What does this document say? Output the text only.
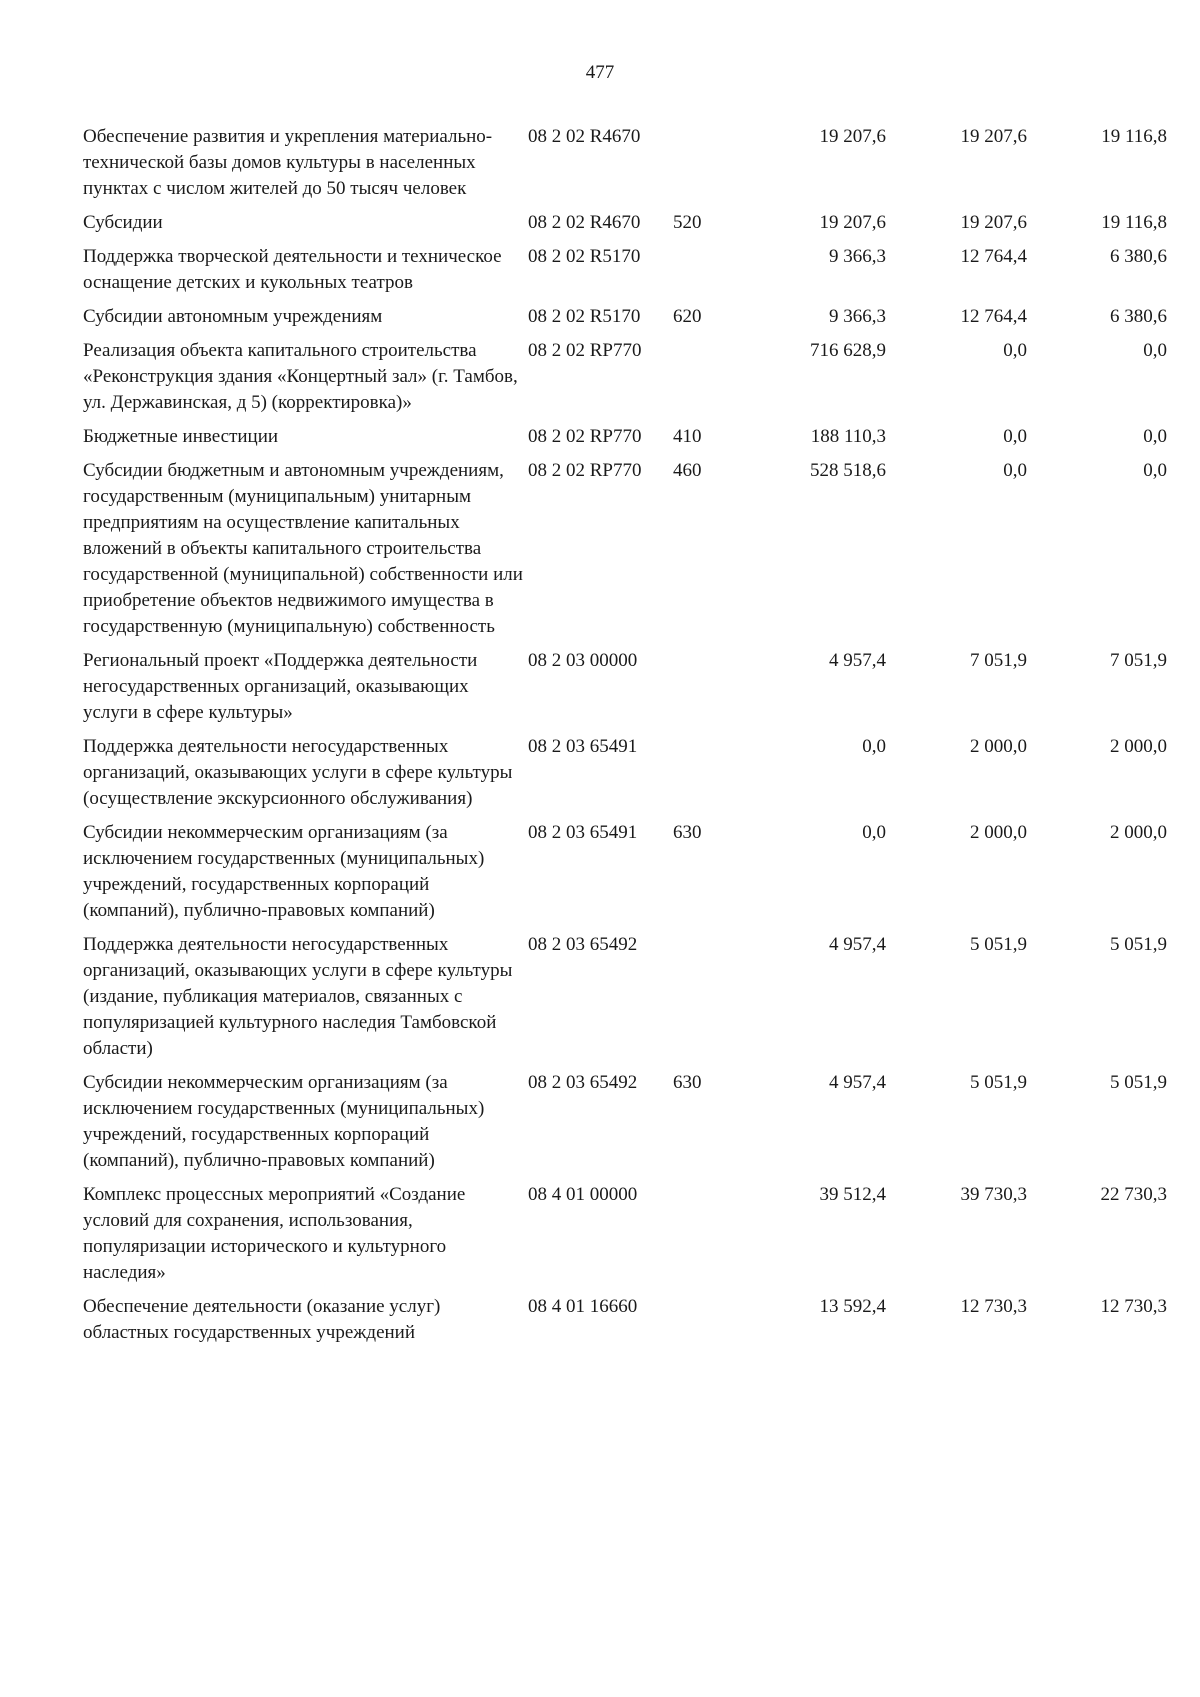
477
Обеспечение развития и укрепления материально-технической базы домов культуры в населенных пунктах с числом жителей до 50 тысяч человек	08 2 02 R4670		19 207,6	19 207,6	19 116,8
Субсидии	08 2 02 R4670	520	19 207,6	19 207,6	19 116,8
Поддержка творческой деятельности и техническое оснащение детских и кукольных театров	08 2 02 R5170		9 366,3	12 764,4	6 380,6
Субсидии автономным учреждениям	08 2 02 R5170	620	9 366,3	12 764,4	6 380,6
Реализация объекта капитального строительства «Реконструкция здания «Концертный зал» (г. Тамбов, ул. Державинская, д 5) (корректировка)»	08 2 02 RP770		716 628,9	0,0	0,0
Бюджетные инвестиции	08 2 02 RP770	410	188 110,3	0,0	0,0
Субсидии бюджетным и автономным учреждениям, государственным (муниципальным) унитарным предприятиям на осуществление капитальных вложений в объекты капитального строительства государственной (муниципальной) собственности или приобретение объектов недвижимого имущества в государственную (муниципальную) собственность	08 2 02 RP770	460	528 518,6	0,0	0,0
Региональный проект «Поддержка деятельности негосударственных организаций, оказывающих услуги в сфере культуры»	08 2 03 00000		4 957,4	7 051,9	7 051,9
Поддержка деятельности негосударственных организаций, оказывающих услуги в сфере культуры (осуществление экскурсионного обслуживания)	08 2 03 65491		0,0	2 000,0	2 000,0
Субсидии некоммерческим организациям (за исключением государственных (муниципальных) учреждений, государственных корпораций (компаний), публично-правовых компаний)	08 2 03 65491	630	0,0	2 000,0	2 000,0
Поддержка деятельности негосударственных организаций, оказывающих услуги в сфере культуры (издание, публикация материалов, связанных с популяризацией культурного наследия Тамбовской области)	08 2 03 65492		4 957,4	5 051,9	5 051,9
Субсидии некоммерческим организациям (за исключением государственных (муниципальных) учреждений, государственных корпораций (компаний), публично-правовых компаний)	08 2 03 65492	630	4 957,4	5 051,9	5 051,9
Комплекс процессных мероприятий «Создание условий для сохранения, использования, популяризации исторического и культурного наследия»	08 4 01 00000		39 512,4	39 730,3	22 730,3
Обеспечение деятельности (оказание услуг) областных государственных учреждений	08 4 01 16660		13 592,4	12 730,3	12 730,3
